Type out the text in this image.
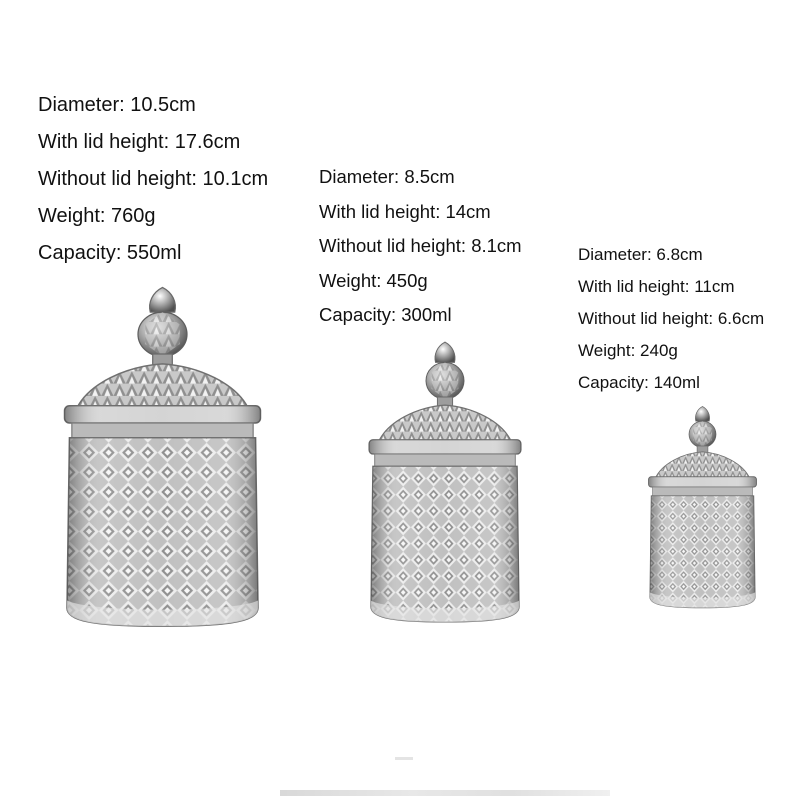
Diameter: 10.5cm
With lid height: 17.6cm
Without lid height: 10.1cm
Weight: 760g
Capacity: 550ml
Diameter: 8.5cm
With lid height: 14cm
Without lid height: 8.1cm
Weight: 450g
Capacity: 300ml
Diameter: 6.8cm
With lid height: 11cm
Without lid height: 6.6cm
Weight: 240g
Capacity: 140ml
